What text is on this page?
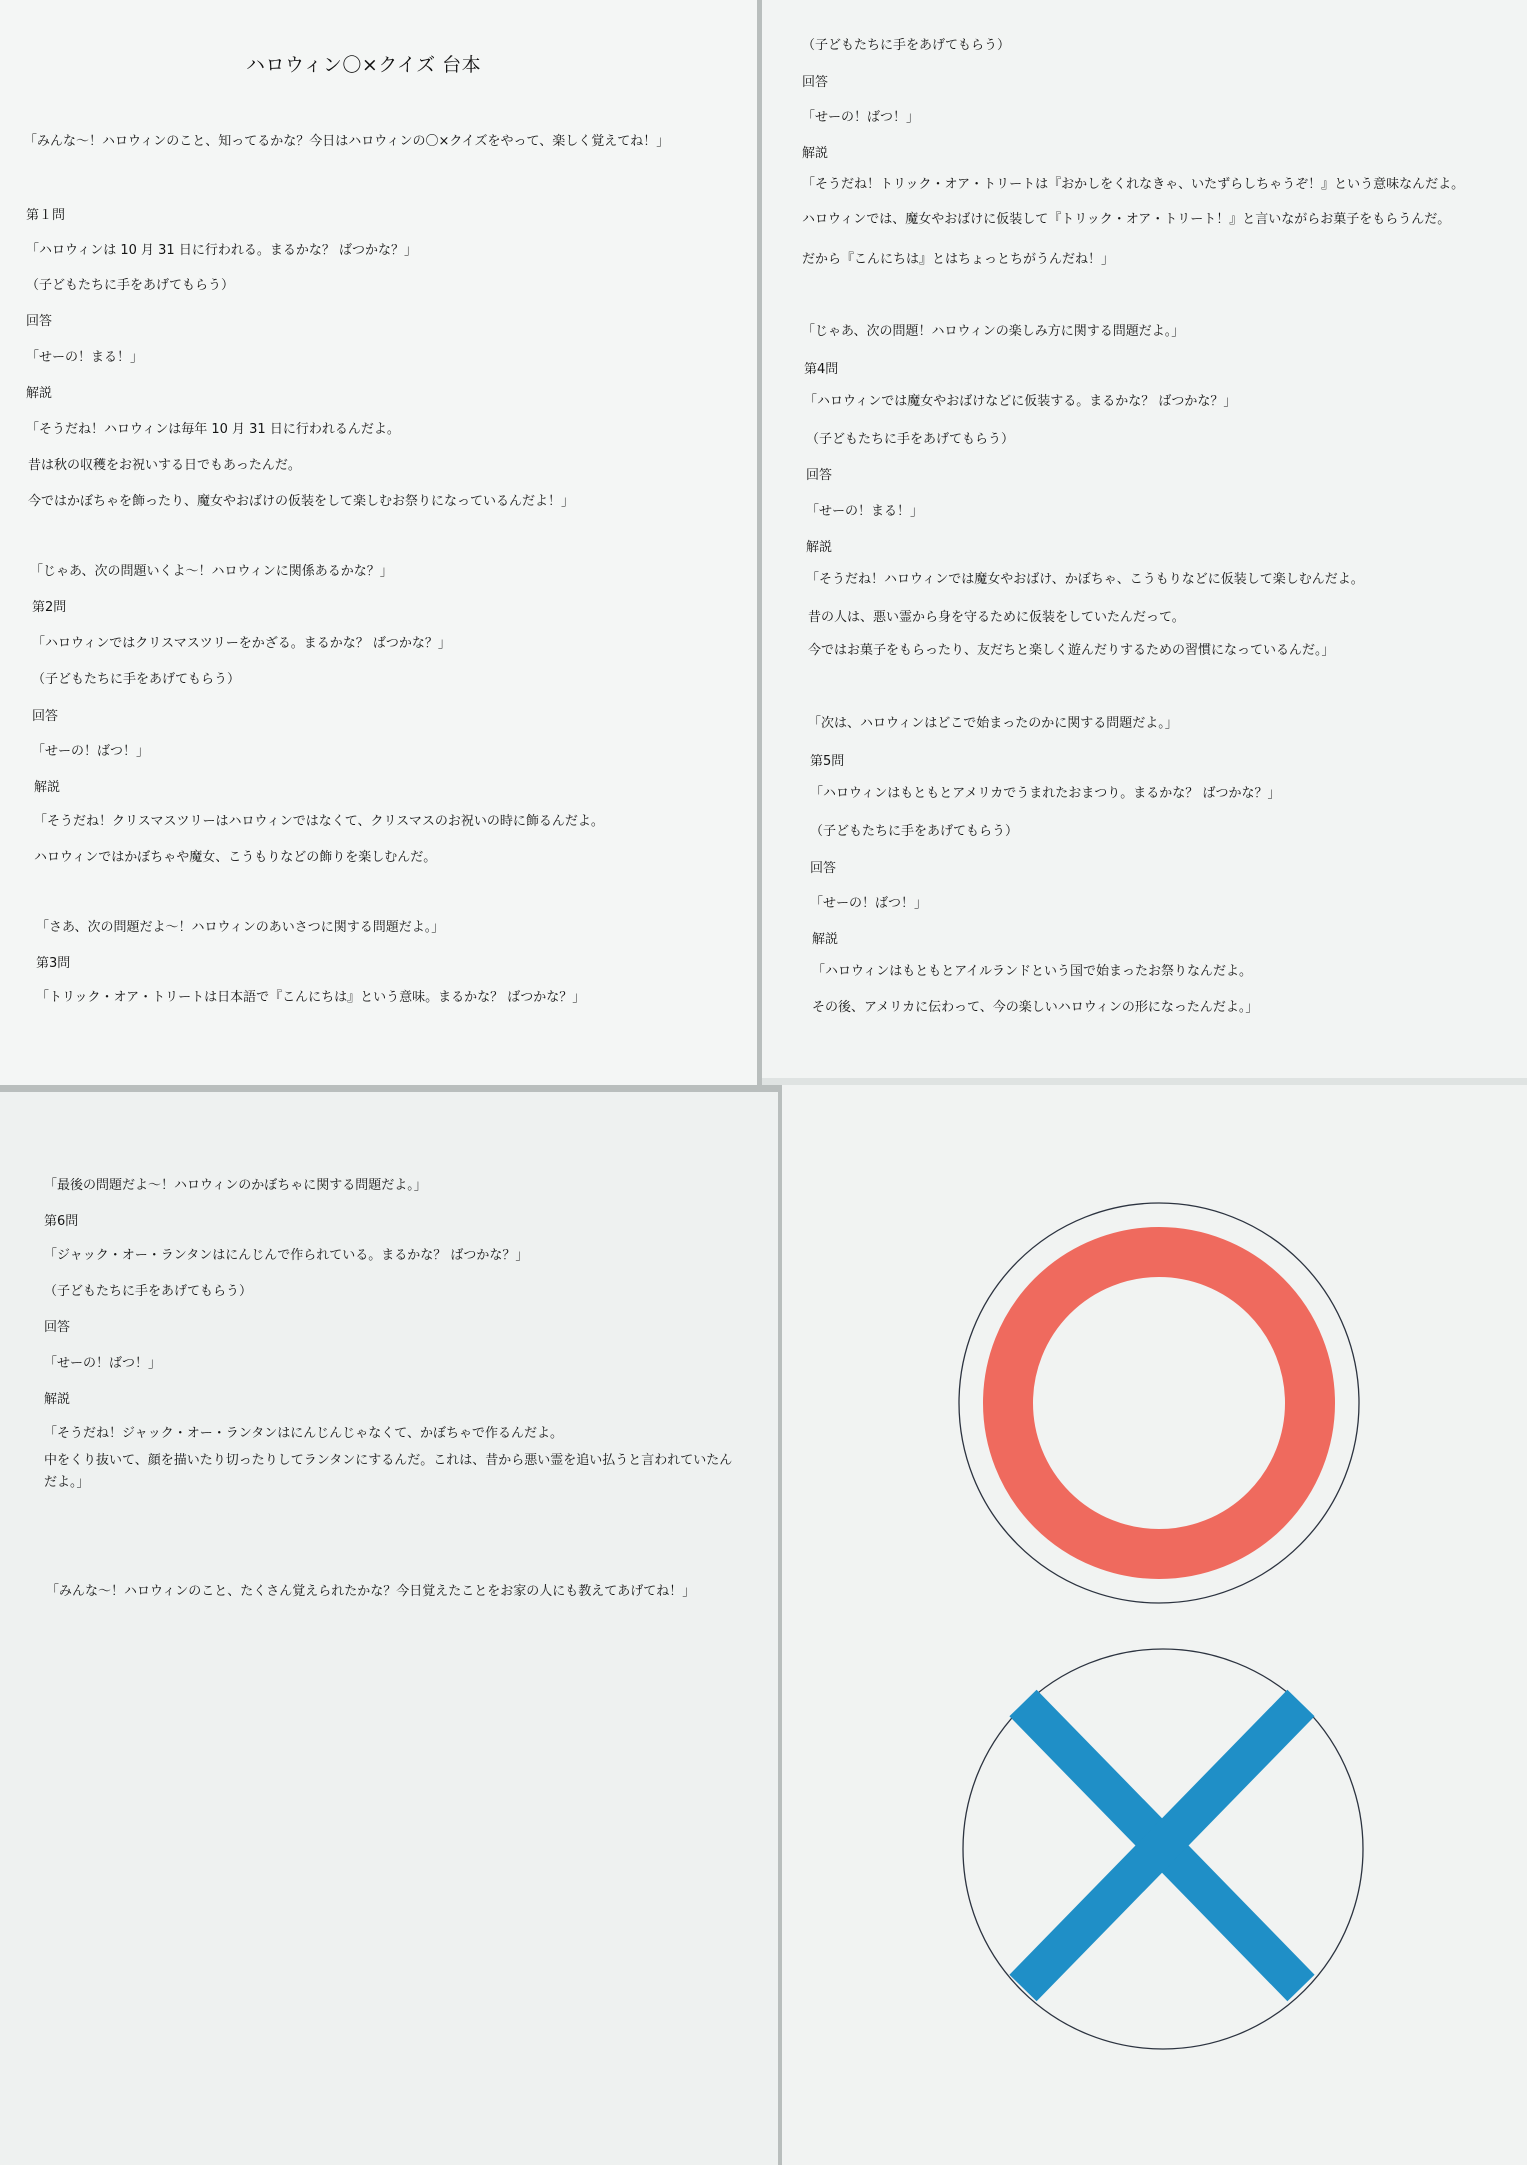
ハロウィン〇×クイズ 台本
「みんな～！ハロウィンのこと、知ってるかな？今日はハロウィンの〇×クイズをやって、楽しく覚えてね！」
第１問
「ハロウィンは 10 月 31 日に行われる。まるかな？ ばつかな？」
（子どもたちに手をあげてもらう）
回答
「せーの！まる！」
解説
「そうだね！ハロウィンは毎年 10 月 31 日に行われるんだよ。
昔は秋の収穫をお祝いする日でもあったんだ。
今ではかぼちゃを飾ったり、魔女やおばけの仮装をして楽しむお祭りになっているんだよ！」
「じゃあ、次の問題いくよ～！ハロウィンに関係あるかな？」
第2問
「ハロウィンではクリスマスツリーをかざる。まるかな？ ばつかな？」
（子どもたちに手をあげてもらう）
回答
「せーの！ばつ！」
解説
「そうだね！クリスマスツリーはハロウィンではなくて、クリスマスのお祝いの時に飾るんだよ。
ハロウィンではかぼちゃや魔女、こうもりなどの飾りを楽しむんだ。
「さあ、次の問題だよ～！ハロウィンのあいさつに関する問題だよ。」
第3問
「トリック・オア・トリートは日本語で『こんにちは』という意味。まるかな？ ばつかな？」
（子どもたちに手をあげてもらう）
回答
「せーの！ばつ！」
解説
「そうだね！トリック・オア・トリートは『おかしをくれなきゃ、いたずらしちゃうぞ！』という意味なんだよ。
ハロウィンでは、魔女やおばけに仮装して『トリック・オア・トリート！』と言いながらお菓子をもらうんだ。
だから『こんにちは』とはちょっとちがうんだね！」
「じゃあ、次の問題！ハロウィンの楽しみ方に関する問題だよ。」
第4問
「ハロウィンでは魔女やおばけなどに仮装する。まるかな？ ばつかな？」
（子どもたちに手をあげてもらう）
回答
「せーの！まる！」
解説
「そうだね！ハロウィンでは魔女やおばけ、かぼちゃ、こうもりなどに仮装して楽しむんだよ。
昔の人は、悪い霊から身を守るために仮装をしていたんだって。
今ではお菓子をもらったり、友だちと楽しく遊んだりするための習慣になっているんだ。」
「次は、ハロウィンはどこで始まったのかに関する問題だよ。」
第5問
「ハロウィンはもともとアメリカでうまれたおまつり。まるかな？ ばつかな？」
（子どもたちに手をあげてもらう）
回答
「せーの！ばつ！」
解説
「ハロウィンはもともとアイルランドという国で始まったお祭りなんだよ。
その後、アメリカに伝わって、今の楽しいハロウィンの形になったんだよ。」
「最後の問題だよ～！ハロウィンのかぼちゃに関する問題だよ。」
第6問
「ジャック・オー・ランタンはにんじんで作られている。まるかな？ ばつかな？」
（子どもたちに手をあげてもらう）
回答
「せーの！ばつ！」
解説
「そうだね！ジャック・オー・ランタンはにんじんじゃなくて、かぼちゃで作るんだよ。
中をくり抜いて、顔を描いたり切ったりしてランタンにするんだ。これは、昔から悪い霊を追い払うと言われていたんだよ。」
「みんな～！ハロウィンのこと、たくさん覚えられたかな？今日覚えたことをお家の人にも教えてあげてね！」
